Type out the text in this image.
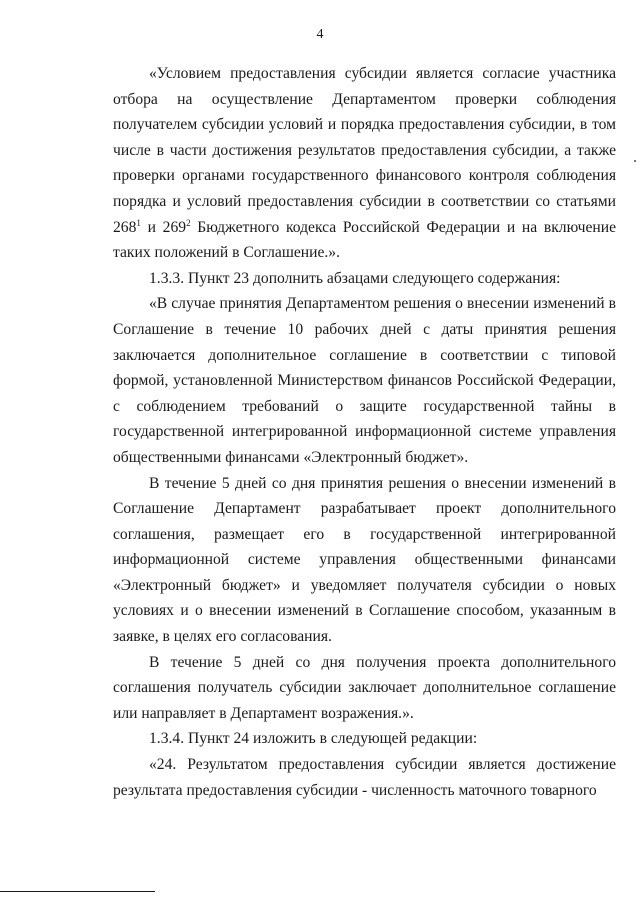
4

«Условием предоставления субсидии является согласие участника отбора на осуществление Департаментом проверки соблюдения получателем субсидии условий и порядка предоставления субсидии, в том числе в части достижения результатов предоставления субсидии, а также проверки органами государственного финансового контроля соблюдения порядка и условий предоставления субсидии в соответствии со статьями $268^1$ и $269^2$ Бюджетного кодекса Российской Федерации и на включение таких положений в Соглашение.».

1.3.3. Пункт 23 дополнить абзацами следующего содержания:

«В случае принятия Департаментом решения о внесении изменений в Соглашение в течение 10 рабочих дней с даты принятия решения заключается дополнительное соглашение в соответствии с типовой формой, установленной Министерством финансов Российской Федерации, с соблюдением требований о защите государственной тайны в государственной интегрированной информационной системе управления общественными финансами «Электронный бюджет».

В течение 5 дней со дня принятия решения о внесении изменений в Соглашение Департамент разрабатывает проект дополнительного соглашения, размещает его в государственной интегрированной информационной системе управления общественными финансами «Электронный бюджет» и уведомляет получателя субсидии о новых условиях и о внесении изменений в Соглашение способом, указанным в заявке, в целях его согласования.

В течение 5 дней со дня получения проекта дополнительного соглашения получатель субсидии заключает дополнительное соглашение или направляет в Департамент возражения.».

1.3.4. Пункт 24 изложить в следующей редакции:

«24. Результатом предоставления субсидии является достижение результата предоставления субсидии - численность маточного товарного
